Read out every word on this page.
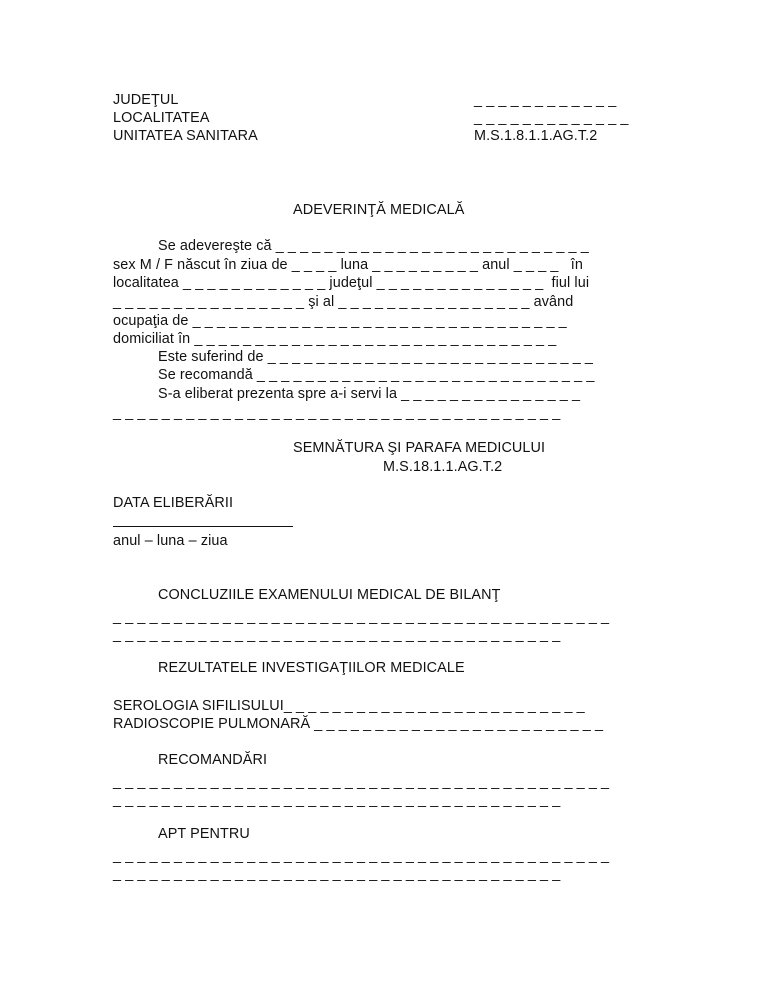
JUDEŢUL
LOCALITATEA
UNITATEA SANITARA
_ _ _ _ _ _ _ _ _ _ _ _
_ _ _ _ _ _ _ _ _ _ _ _ _
M.S.1.8.1.1.AG.T.2
ADEVERINŢĂ MEDICALĂ
Se adevereşte că _ _ _ _ _ _ _ _ _ _ _ _ _ _ _ _ _ _ _ _ _ _ _ _ _ _
sex M / F născut în ziua de _ _ _ _ luna _ _ _ _ _ _ _ _ _ anul _ _ _ _   în
localitatea _ _ _ _ _ _ _ _ _ _ _ _ judeţul _ _ _ _ _ _ _ _ _ _ _ _ _ _  fiul lui
_ _ _ _ _ _ _ _ _ _ _ _ _ _ _ _ şi al _ _ _ _ _ _ _ _ _ _ _ _ _ _ _ _ având
ocupaţia de _ _ _ _ _ _ _ _ _ _ _ _ _ _ _ _ _ _ _ _ _ _ _ _ _ _ _ _ _ _ _
domiciliat în _ _ _ _ _ _ _ _ _ _ _ _ _ _ _ _ _ _ _ _ _ _ _ _ _ _ _ _ _ _
Este suferind de _ _ _ _ _ _ _ _ _ _ _ _ _ _ _ _ _ _ _ _ _ _ _ _ _ _ _
Se recomandă _ _ _ _ _ _ _ _ _ _ _ _ _ _ _ _ _ _ _ _ _ _ _ _ _ _ _ _
S-a eliberat prezenta spre a-i servi la _ _ _ _ _ _ _ _ _ _ _ _ _ _ _
_ _ _ _ _ _ _ _ _ _ _ _ _ _ _ _ _ _ _ _ _ _ _ _ _ _ _ _ _ _ _ _ _ _ _ _ _
SEMNĂTURA ŞI PARAFA MEDICULUI
M.S.18.1.1.AG.T.2
DATA ELIBERĂRII
anul – luna – ziua
CONCLUZIILE EXAMENULUI MEDICAL DE BILANŢ
_ _ _ _ _ _ _ _ _ _ _ _ _ _ _ _ _ _ _ _ _ _ _ _ _ _ _ _ _ _ _ _ _ _ _ _ _ _ _ _ _
_ _ _ _ _ _ _ _ _ _ _ _ _ _ _ _ _ _ _ _ _ _ _ _ _ _ _ _ _ _ _ _ _ _ _ _ _
REZULTATELE INVESTIGAŢIILOR MEDICALE
SEROLOGIA SIFILISULUI_ _ _ _ _ _ _ _ _ _ _ _ _ _ _ _ _ _ _ _ _ _ _ _ _
RADIOSCOPIE PULMONARĂ _ _ _ _ _ _ _ _ _ _ _ _ _ _ _ _ _ _ _ _ _ _ _ _
RECOMANDĂRI
_ _ _ _ _ _ _ _ _ _ _ _ _ _ _ _ _ _ _ _ _ _ _ _ _ _ _ _ _ _ _ _ _ _ _ _ _ _ _ _ _
_ _ _ _ _ _ _ _ _ _ _ _ _ _ _ _ _ _ _ _ _ _ _ _ _ _ _ _ _ _ _ _ _ _ _ _ _
APT PENTRU
_ _ _ _ _ _ _ _ _ _ _ _ _ _ _ _ _ _ _ _ _ _ _ _ _ _ _ _ _ _ _ _ _ _ _ _ _ _ _ _ _
_ _ _ _ _ _ _ _ _ _ _ _ _ _ _ _ _ _ _ _ _ _ _ _ _ _ _ _ _ _ _ _ _ _ _ _ _
